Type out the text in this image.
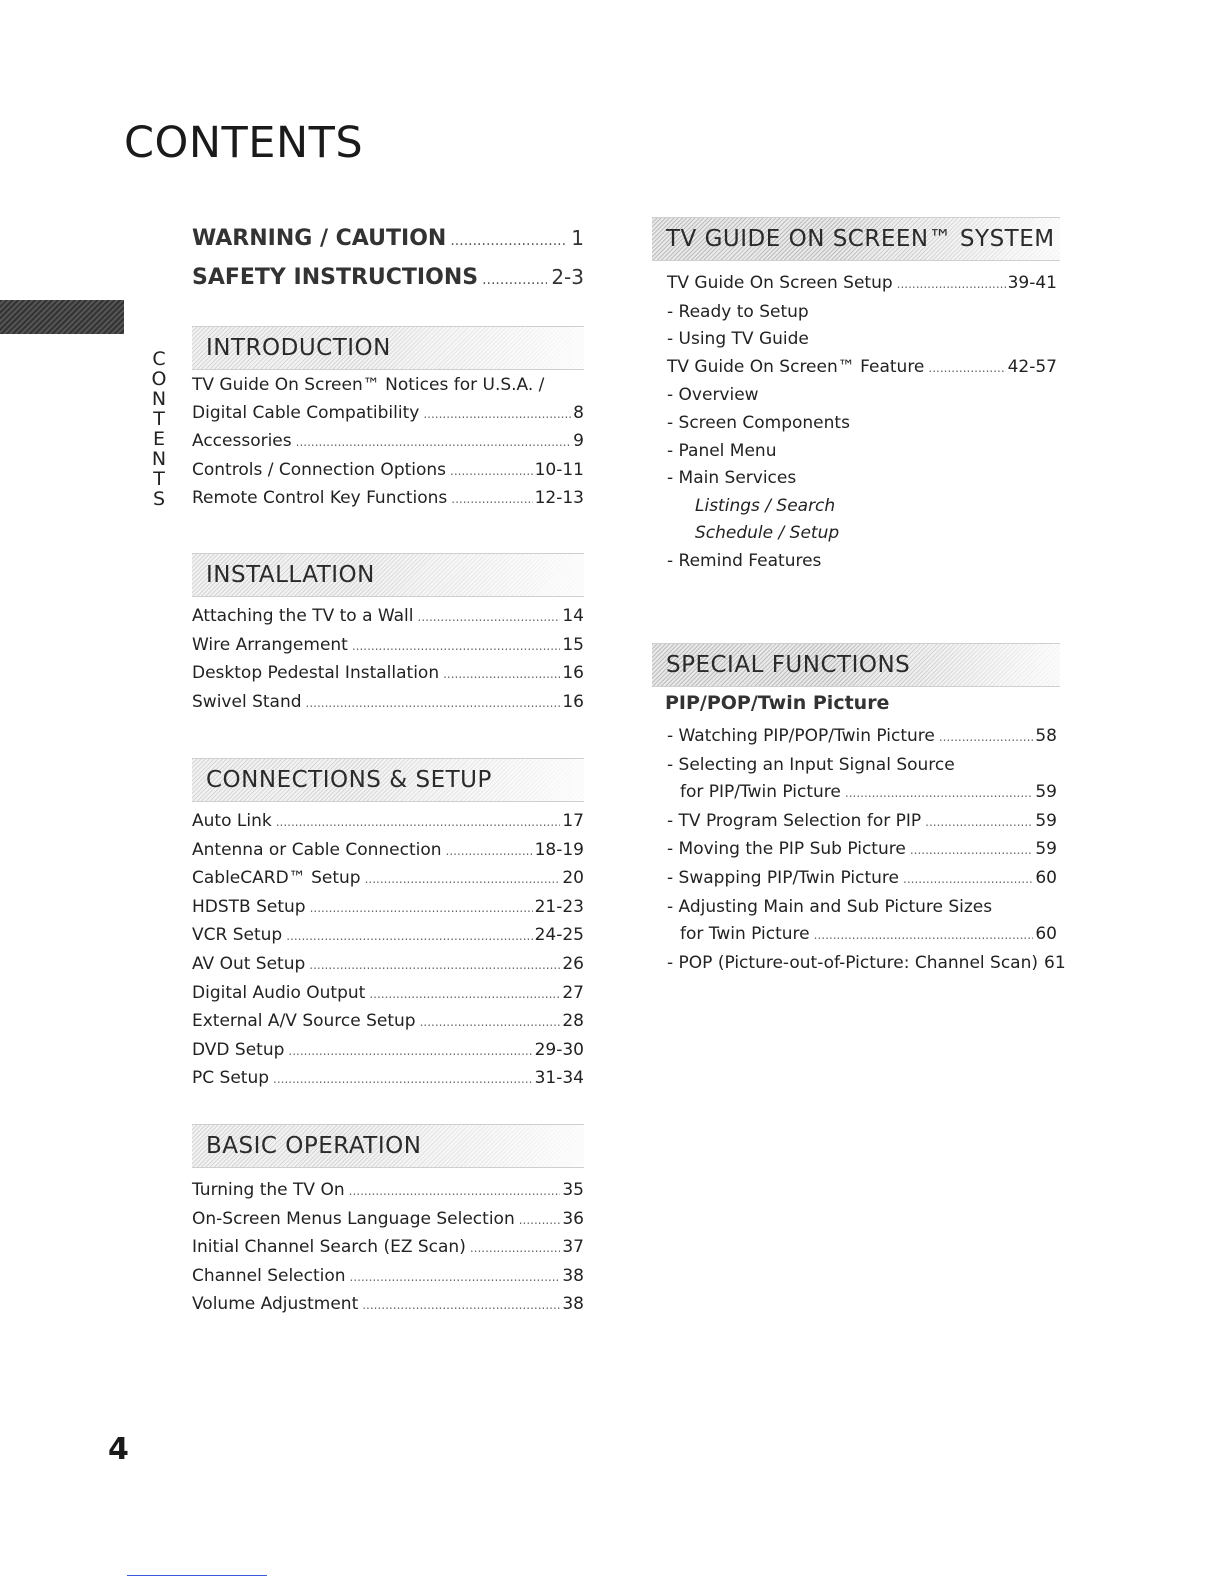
CONTENTS
CONTENTS
WARNING / CAUTION .....	1
SAFETY INSTRUCTIONS .....	2-3
INTRODUCTION
TV Guide On Screen™ Notices for U.S.A. /
Digital Cable Compatibility .....	8
Accessories .....	9
Controls / Connection Options .....	10-11
Remote Control Key Functions .....	12-13
INSTALLATION
Attaching the TV to a Wall .....	14
Wire Arrangement .....	15
Desktop Pedestal Installation .....	16
Swivel Stand .....	16
CONNECTIONS & SETUP
Auto Link .....	17
Antenna or Cable Connection .....	18-19
CableCARD™ Setup .....	20
HDSTB Setup .....	21-23
VCR Setup .....	24-25
AV Out Setup .....	26
Digital Audio Output .....	27
External A/V Source Setup .....	28
DVD Setup .....	29-30
PC Setup .....	31-34
BASIC OPERATION
Turning the TV On .....	35
On-Screen Menus Language Selection .....	36
Initial Channel Search (EZ Scan) .....	37
Channel Selection .....	38
Volume Adjustment .....	38
TV GUIDE ON SCREEN™ SYSTEM
TV Guide On Screen Setup .....	39-41
- Ready to Setup
- Using TV Guide
TV Guide On Screen™ Feature .....	42-57
- Overview
- Screen Components
- Panel Menu
- Main Services
Listings / Search
Schedule / Setup
- Remind Features
SPECIAL FUNCTIONS
PIP/POP/Twin Picture
- Watching PIP/POP/Twin Picture .....	58
- Selecting an Input Signal Source
for PIP/Twin Picture .....	59
- TV Program Selection for PIP .....	59
- Moving the PIP Sub Picture .....	59
- Swapping PIP/Twin Picture .....	60
- Adjusting Main and Sub Picture Sizes
for Twin Picture .....	60
- POP (Picture-out-of-Picture: Channel Scan) 61
4
